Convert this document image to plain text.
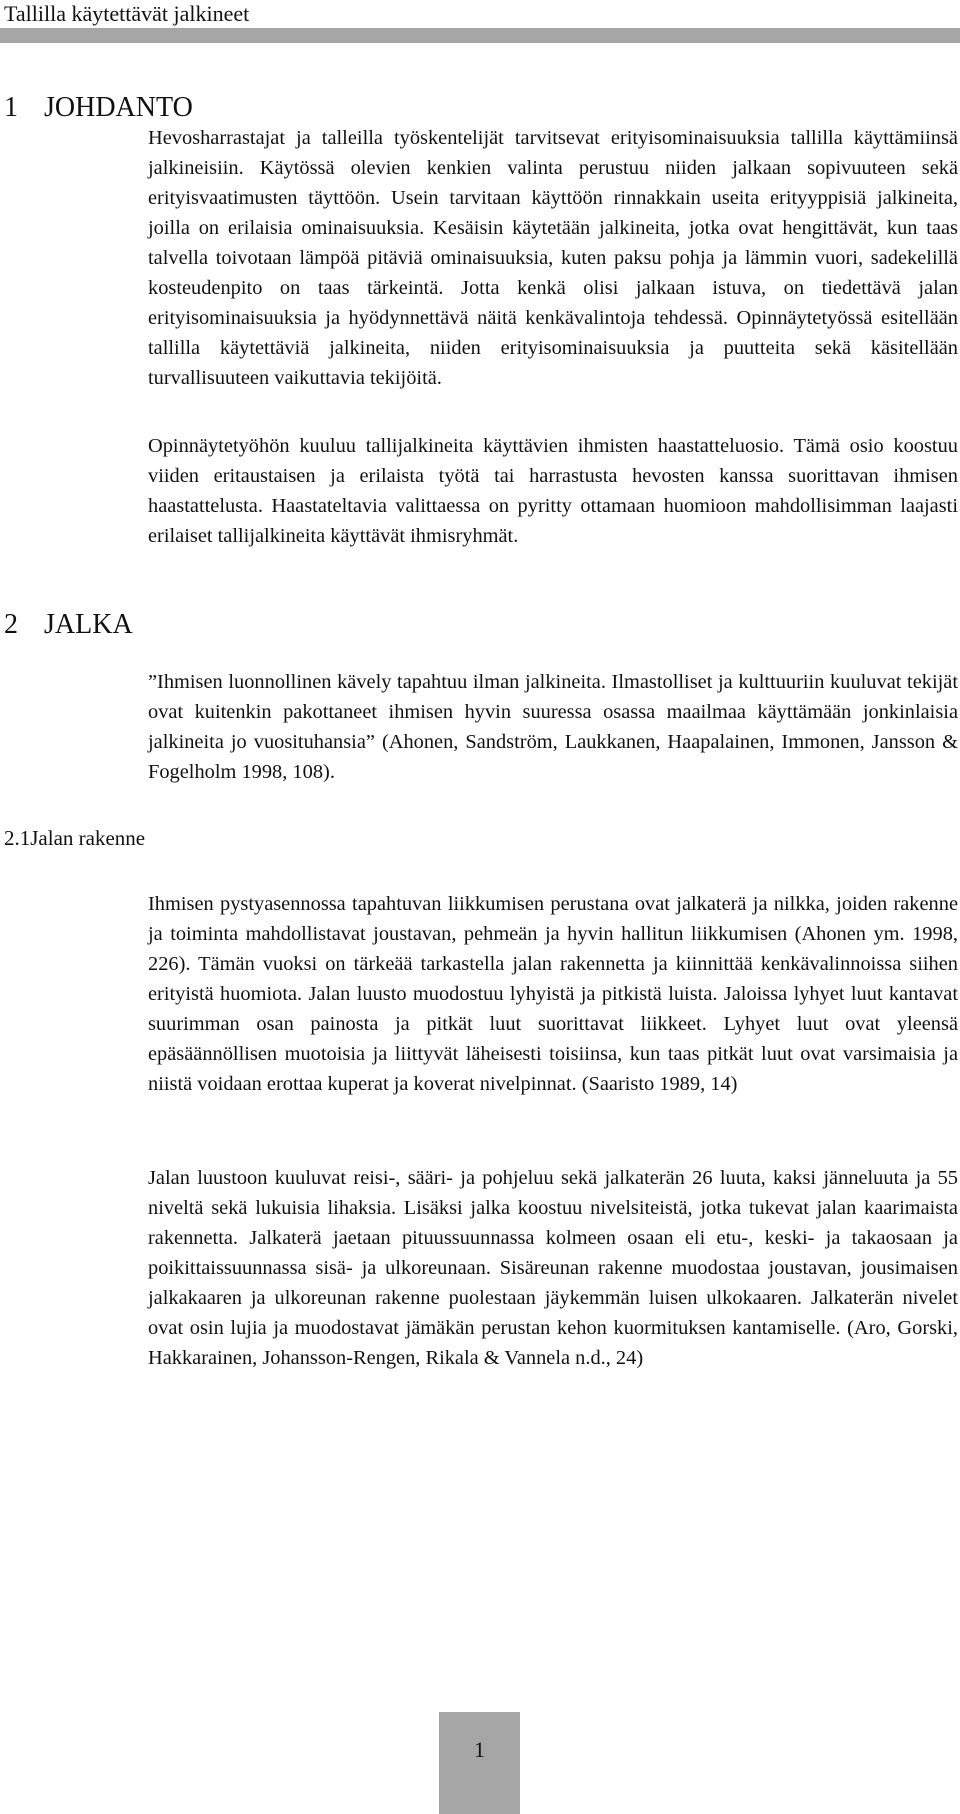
Tallilla käytettävät jalkineet
1 JOHDANTO

Hevosharrastajat ja talleilla työskentelijät tarvitsevat erityisominaisuuksia tallilla käyttämiinsä jalkineisiin. Käytössä olevien kenkien valinta perustuu niiden jalkaan sopivuuteen sekä erityisvaatimusten täyttöön. Usein tarvitaan käyttöön rinnakkain useita erityyppisiä jalkineita, joilla on erilaisia ominaisuuksia. Kesäisin käytetään jalkineita, jotka ovat hengittävät, kun taas talvella toivotaan lämpöä pitäviä ominaisuuksia, kuten paksu pohja ja lämmin vuori, sadekelillä kosteudenpito on taas tärkeintä. Jotta kenkä olisi jalkaan istuva, on tiedettävä jalan erityisominaisuuksia ja hyödynnettävä näitä kenkävalintoja tehdessä. Opinnäytetyössä esitellään tallilla käytettäviä jalkineita, niiden erityisominaisuuksia ja puutteita sekä käsitellään turvallisuuteen vaikuttavia tekijöitä.

Opinnäytetyöhön kuuluu tallijalkineita käyttävien ihmisten haastatteluosio. Tämä osio koostuu viiden eritaustaisen ja erilaista työtä tai harrastusta hevosten kanssa suorittavan ihmisen haastattelusta. Haastateltavia valittaessa on pyritty ottamaan huomioon mahdollisimman laajasti erilaiset tallijalkineita käyttävät ihmisryhmät.

2 JALKA

”Ihmisen luonnollinen kävely tapahtuu ilman jalkineita. Ilmastolliset ja kulttuuriin kuuluvat tekijät ovat kuitenkin pakottaneet ihmisen hyvin suuressa osassa maailmaa käyttämään jonkinlaisia jalkineita jo vuosituhansia” (Ahonen, Sandström, Laukkanen, Haapalainen, Immonen, Jansson & Fogelholm 1998, 108).

2.1Jalan rakenne

Ihmisen pystyasennossa tapahtuvan liikkumisen perustana ovat jalkaterä ja nilkka, joiden rakenne ja toiminta mahdollistavat joustavan, pehmeän ja hyvin hallitun liikkumisen (Ahonen ym. 1998, 226). Tämän vuoksi on tärkeää tarkastella jalan rakennetta ja kiinnittää kenkävalinnoissa siihen erityistä huomiota. Jalan luusto muodostuu lyhyistä ja pitkistä luista. Jaloissa lyhyet luut kantavat suurimman osan painosta ja pitkät luut suorittavat liikkeet. Lyhyet luut ovat yleensä epäsäännöllisen muotoisia ja liittyvät läheisesti toisiinsa, kun taas pitkät luut ovat varsimaisia ja niistä voidaan erottaa kuperat ja koverat nivelpinnat. (Saaristo 1989, 14)

Jalan luustoon kuuluvat reisi-, sääri- ja pohjeluu sekä jalkaterän 26 luuta, kaksi jänneluuta ja 55 niveltä sekä lukuisia lihaksia. Lisäksi jalka koostuu nivelsiteistä, jotka tukevat jalan kaarimaista rakennetta. Jalkaterä jaetaan pituussuunnassa kolmeen osaan eli etu-, keski- ja takaosaan ja poikittaissuunnassa sisä- ja ulkoreunaan. Sisäreunan rakenne muodostaa joustavan, jousimaisen jalkakaaren ja ulkoreunan rakenne puolestaan jäykemmän luisen ulkokaaren. Jalkaterän nivelet ovat osin lujia ja muodostavat jämäkän perustan kehon kuormituksen kantamiselle. (Aro, Gorski, Hakkarainen, Johansson-Rengen, Rikala & Vannela n.d., 24)

1
